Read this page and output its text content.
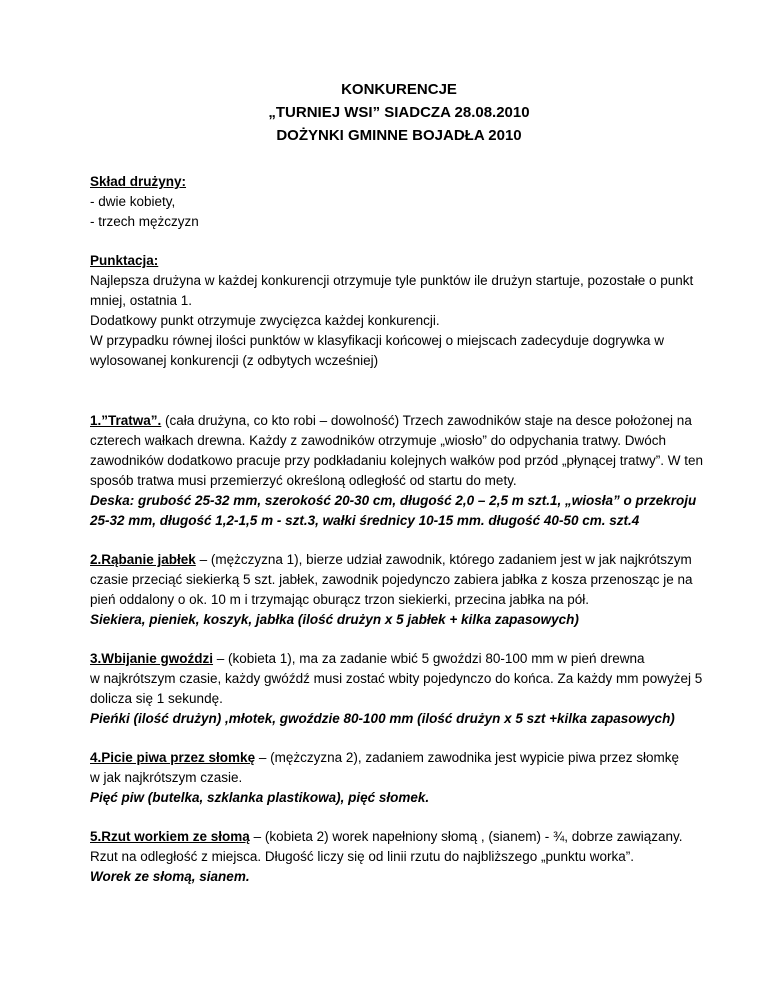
KONKURENCJE
„TURNIEJ WSI” SIADCZA 28.08.2010
DOŻYNKI GMINNE BOJADŁA 2010
Skład drużyny:
- dwie kobiety,
- trzech mężczyzn
Punktacja:
Najlepsza drużyna w każdej konkurencji otrzymuje tyle punktów ile drużyn startuje, pozostałe o punkt
mniej, ostatnia 1.
Dodatkowy punkt otrzymuje zwycięzca każdej konkurencji.
W przypadku równej ilości punktów w klasyfikacji końcowej o miejscach zadecyduje dogrywka w
wylosowanej konkurencji (z odbytych wcześniej)
1.”Tratwa”. (cała drużyna, co kto robi – dowolność) Trzech zawodników staje na desce położonej na
czterech wałkach drewna. Każdy z zawodników otrzymuje „wiosło” do odpychania tratwy. Dwóch
zawodników dodatkowo pracuje przy podkładaniu kolejnych wałków pod przód „płynącej tratwy”. W ten
sposób tratwa musi przemierzyć określoną odległość od startu do mety.
Deska: grubość 25-32 mm, szerokość 20-30 cm, długość 2,0 – 2,5 m szt.1, „wiosła” o przekroju
25-32 mm, długość 1,2-1,5 m - szt.3, wałki średnicy 10-15 mm. długość 40-50 cm. szt.4
2.Rąbanie jabłek – (mężczyzna 1), bierze udział zawodnik, którego zadaniem jest w jak najkrótszym
czasie przeciąć siekierką 5 szt. jabłek, zawodnik pojedynczo zabiera jabłka z kosza przenosząc je na
pień oddalony o ok. 10 m i trzymając oburącz trzon siekierki, przecina jabłka na pół.
Siekiera, pieniek, koszyk, jabłka (ilość drużyn x 5 jabłek + kilka zapasowych)
3.Wbijanie gwoździ – (kobieta 1), ma za zadanie wbić 5 gwoździ 80-100 mm w pień drewna
w najkrótszym czasie, każdy gwóźdź musi zostać wbity pojedynczo do końca. Za każdy mm powyżej 5
dolicza się 1 sekundę.
Pieńki (ilość drużyn) ,młotek, gwoździe 80-100 mm (ilość drużyn x 5 szt +kilka zapasowych)
4.Picie piwa przez słomkę – (mężczyzna 2), zadaniem zawodnika jest wypicie piwa przez słomkę
w jak najkrótszym czasie.
Pięć piw (butelka, szklanka plastikowa), pięć słomek.
5.Rzut workiem ze słomą – (kobieta 2) worek napełniony słomą , (sianem) - ¾, dobrze zawiązany.
Rzut na odległość z miejsca. Długość liczy się od linii rzutu do najbliższego „punktu worka”.
Worek ze słomą, sianem.
